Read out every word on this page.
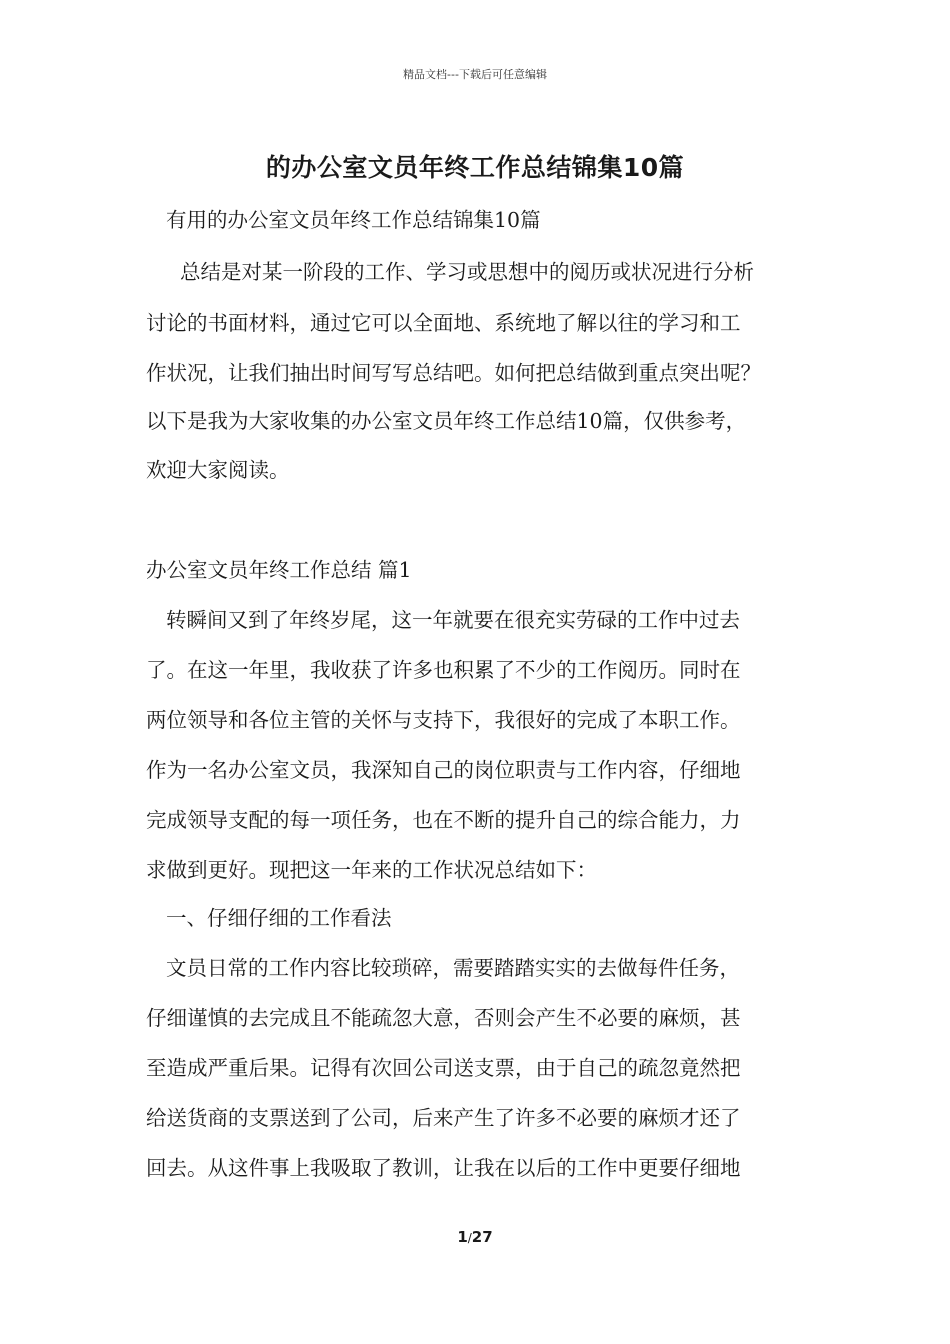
精品文档---下载后可任意编辑
的办公室文员年终工作总结锦集10篇
有用的办公室文员年终工作总结锦集10篇
总结是对某一阶段的工作、学习或思想中的阅历或状况进行分析
讨论的书面材料，通过它可以全面地、系统地了解以往的学习和工
作状况，让我们抽出时间写写总结吧。如何把总结做到重点突出呢？
以下是我为大家收集的办公室文员年终工作总结10篇，仅供参考，
欢迎大家阅读。
办公室文员年终工作总结 篇1
转瞬间又到了年终岁尾，这一年就要在很充实劳碌的工作中过去
了。在这一年里，我收获了许多也积累了不少的工作阅历。同时在
两位领导和各位主管的关怀与支持下，我很好的完成了本职工作。
作为一名办公室文员，我深知自己的岗位职责与工作内容，仔细地
完成领导支配的每一项任务，也在不断的提升自己的综合能力，力
求做到更好。现把这一年来的工作状况总结如下：
一、仔细仔细的工作看法
文员日常的工作内容比较琐碎，需要踏踏实实的去做每件任务，
仔细谨慎的去完成且不能疏忽大意，否则会产生不必要的麻烦，甚
至造成严重后果。记得有次回公司送支票，由于自己的疏忽竟然把
给送货商的支票送到了公司，后来产生了许多不必要的麻烦才还了
回去。从这件事上我吸取了教训，让我在以后的工作中更要仔细地
1/27
